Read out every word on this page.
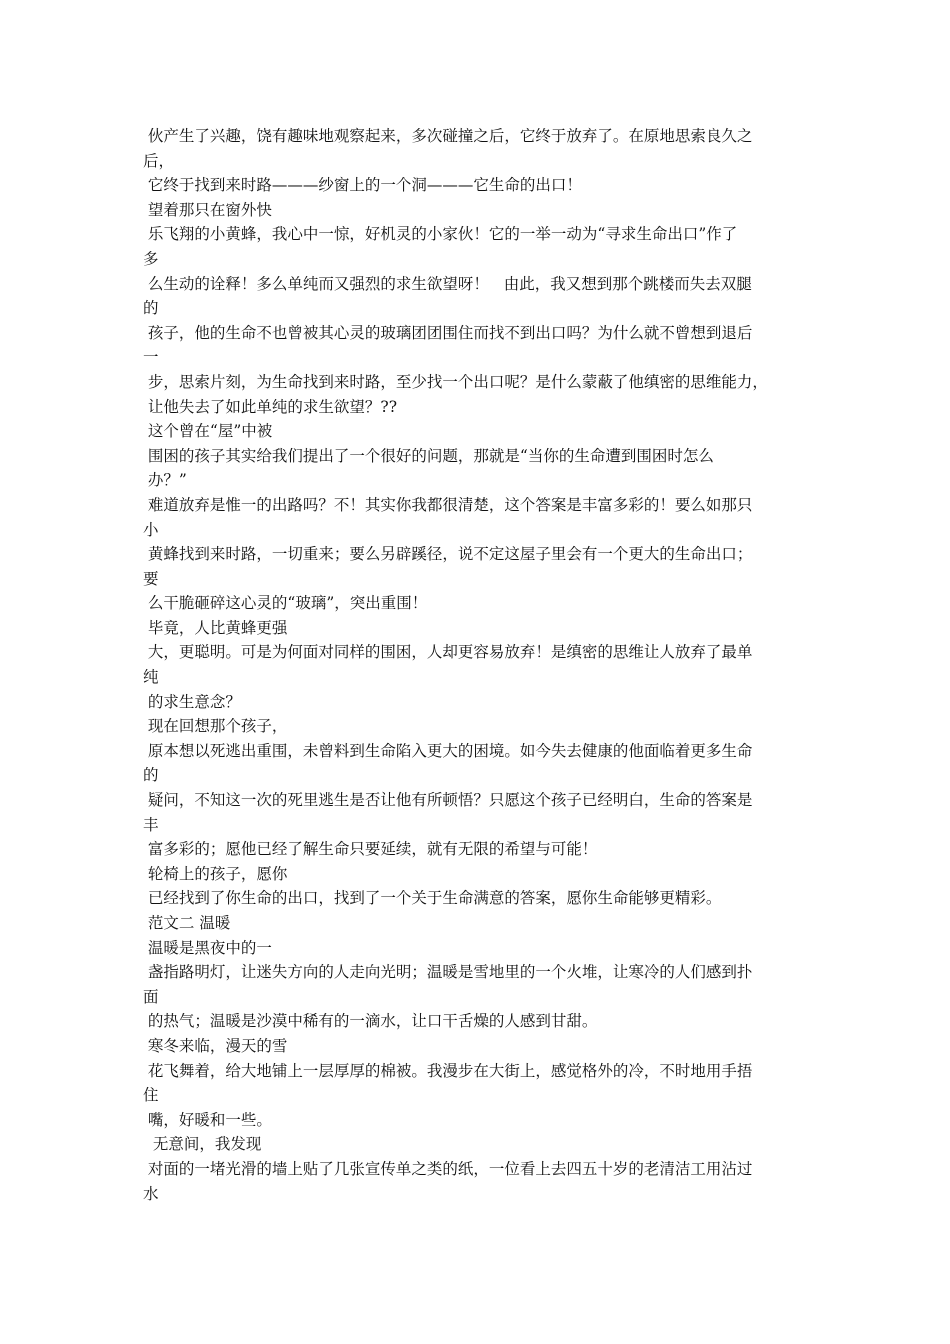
伙产生了兴趣，饶有趣味地观察起来，多次碰撞之后，它终于放弃了。在原地思索良久之
后，
它终于找到来时路———纱窗上的一个洞———它生命的出口！
望着那只在窗外快
乐飞翔的小黄蜂，我心中一惊，好机灵的小家伙！它的一举一动为“寻求生命出口”作了
多
么生动的诠释！多么单纯而又强烈的求生欲望呀！   由此，我又想到那个跳楼而失去双腿
的
孩子，他的生命不也曾被其心灵的玻璃团团围住而找不到出口吗？为什么就不曾想到退后
一
步，思索片刻，为生命找到来时路，至少找一个出口呢？是什么蒙蔽了他缜密的思维能力，
让他失去了如此单纯的求生欲望？??
这个曾在“屋”中被
围困的孩子其实给我们提出了一个很好的问题，那就是“当你的生命遭到围困时怎么
办？”
难道放弃是惟一的出路吗？不！其实你我都很清楚，这个答案是丰富多彩的！要么如那只
小
黄蜂找到来时路，一切重来；要么另辟蹊径，说不定这屋子里会有一个更大的生命出口；
要
么干脆砸碎这心灵的“玻璃”，突出重围！
毕竟，人比黄蜂更强
大，更聪明。可是为何面对同样的围困，人却更容易放弃！是缜密的思维让人放弃了最单
纯
的求生意念？
现在回想那个孩子，
原本想以死逃出重围，未曾料到生命陷入更大的困境。如今失去健康的他面临着更多生命
的
疑问，不知这一次的死里逃生是否让他有所顿悟？只愿这个孩子已经明白，生命的答案是
丰
富多彩的；愿他已经了解生命只要延续，就有无限的希望与可能！
轮椅上的孩子，愿你
已经找到了你生命的出口，找到了一个关于生命满意的答案，愿你生命能够更精彩。
范文二 温暖
温暖是黑夜中的一
盏指路明灯，让迷失方向的人走向光明；温暖是雪地里的一个火堆，让寒冷的人们感到扑
面
的热气；温暖是沙漠中稀有的一滴水，让口干舌燥的人感到甘甜。
寒冬来临，漫天的雪
花飞舞着，给大地铺上一层厚厚的棉被。我漫步在大街上，感觉格外的冷，不时地用手捂
住
嘴，好暖和一些。
无意间，我发现
对面的一堵光滑的墙上贴了几张宣传单之类的纸，一位看上去四五十岁的老清洁工用沾过
水
